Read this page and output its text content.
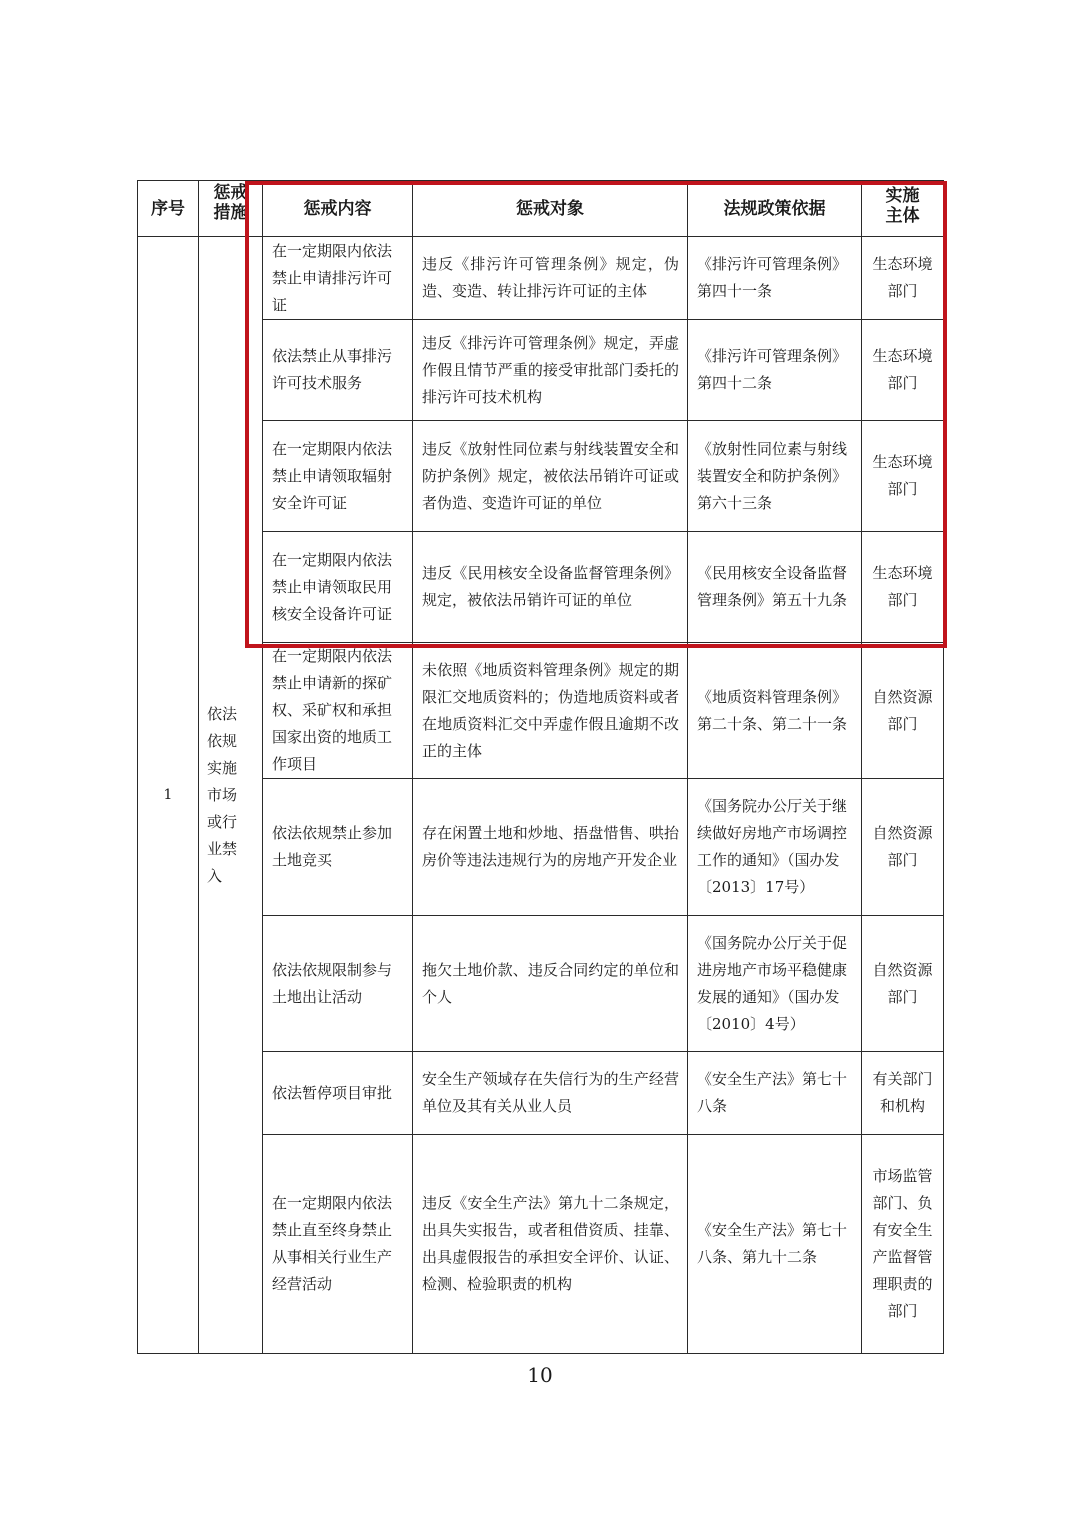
序号	惩戒措施	惩戒内容	惩戒对象	法规政策依据	实施主体

1	依法依规实施市场或行业禁入	在一定期限内依法禁止申请排污许可证	违反《排污许可管理条例》规定，伪造、变造、转让排污许可证的主体	《排污许可管理条例》第四十一条	生态环境部门
		依法禁止从事排污许可技术服务	违反《排污许可管理条例》规定，弄虚作假且情节严重的接受审批部门委托的排污许可技术机构	《排污许可管理条例》第四十二条	生态环境部门
		在一定期限内依法禁止申请领取辐射安全许可证	违反《放射性同位素与射线装置安全和防护条例》规定，被依法吊销许可证或者伪造、变造许可证的单位	《放射性同位素与射线装置安全和防护条例》第六十三条	生态环境部门
		在一定期限内依法禁止申请领取民用核安全设备许可证	违反《民用核安全设备监督管理条例》规定，被依法吊销许可证的单位	《民用核安全设备监督管理条例》第五十九条	生态环境部门
		在一定期限内依法禁止申请新的探矿权、采矿权和承担国家出资的地质工作项目	未依照《地质资料管理条例》规定的期限汇交地质资料的；伪造地质资料或者在地质资料汇交中弄虚作假且逾期不改正的主体	《地质资料管理条例》第二十条、第二十一条	自然资源部门
		依法依规禁止参加土地竞买	存在闲置土地和炒地、捂盘惜售、哄抬房价等违法违规行为的房地产开发企业	《国务院办公厅关于继续做好房地产市场调控工作的通知》（国办发〔2013〕17号）	自然资源部门
		依法依规限制参与土地出让活动	拖欠土地价款、违反合同约定的单位和个人	《国务院办公厅关于促进房地产市场平稳健康发展的通知》（国办发〔2010〕4号）	自然资源部门
		依法暂停项目审批	安全生产领域存在失信行为的生产经营单位及其有关从业人员	《安全生产法》第七十八条	有关部门和机构
		在一定期限内依法禁止直至终身禁止从事相关行业生产经营活动	违反《安全生产法》第九十二条规定，出具失实报告，或者租借资质、挂靠、出具虚假报告的承担安全评价、认证、检测、检验职责的机构	《安全生产法》第七十八条、第九十二条	市场监管部门、负有安全生产监督管理职责的部门
10
